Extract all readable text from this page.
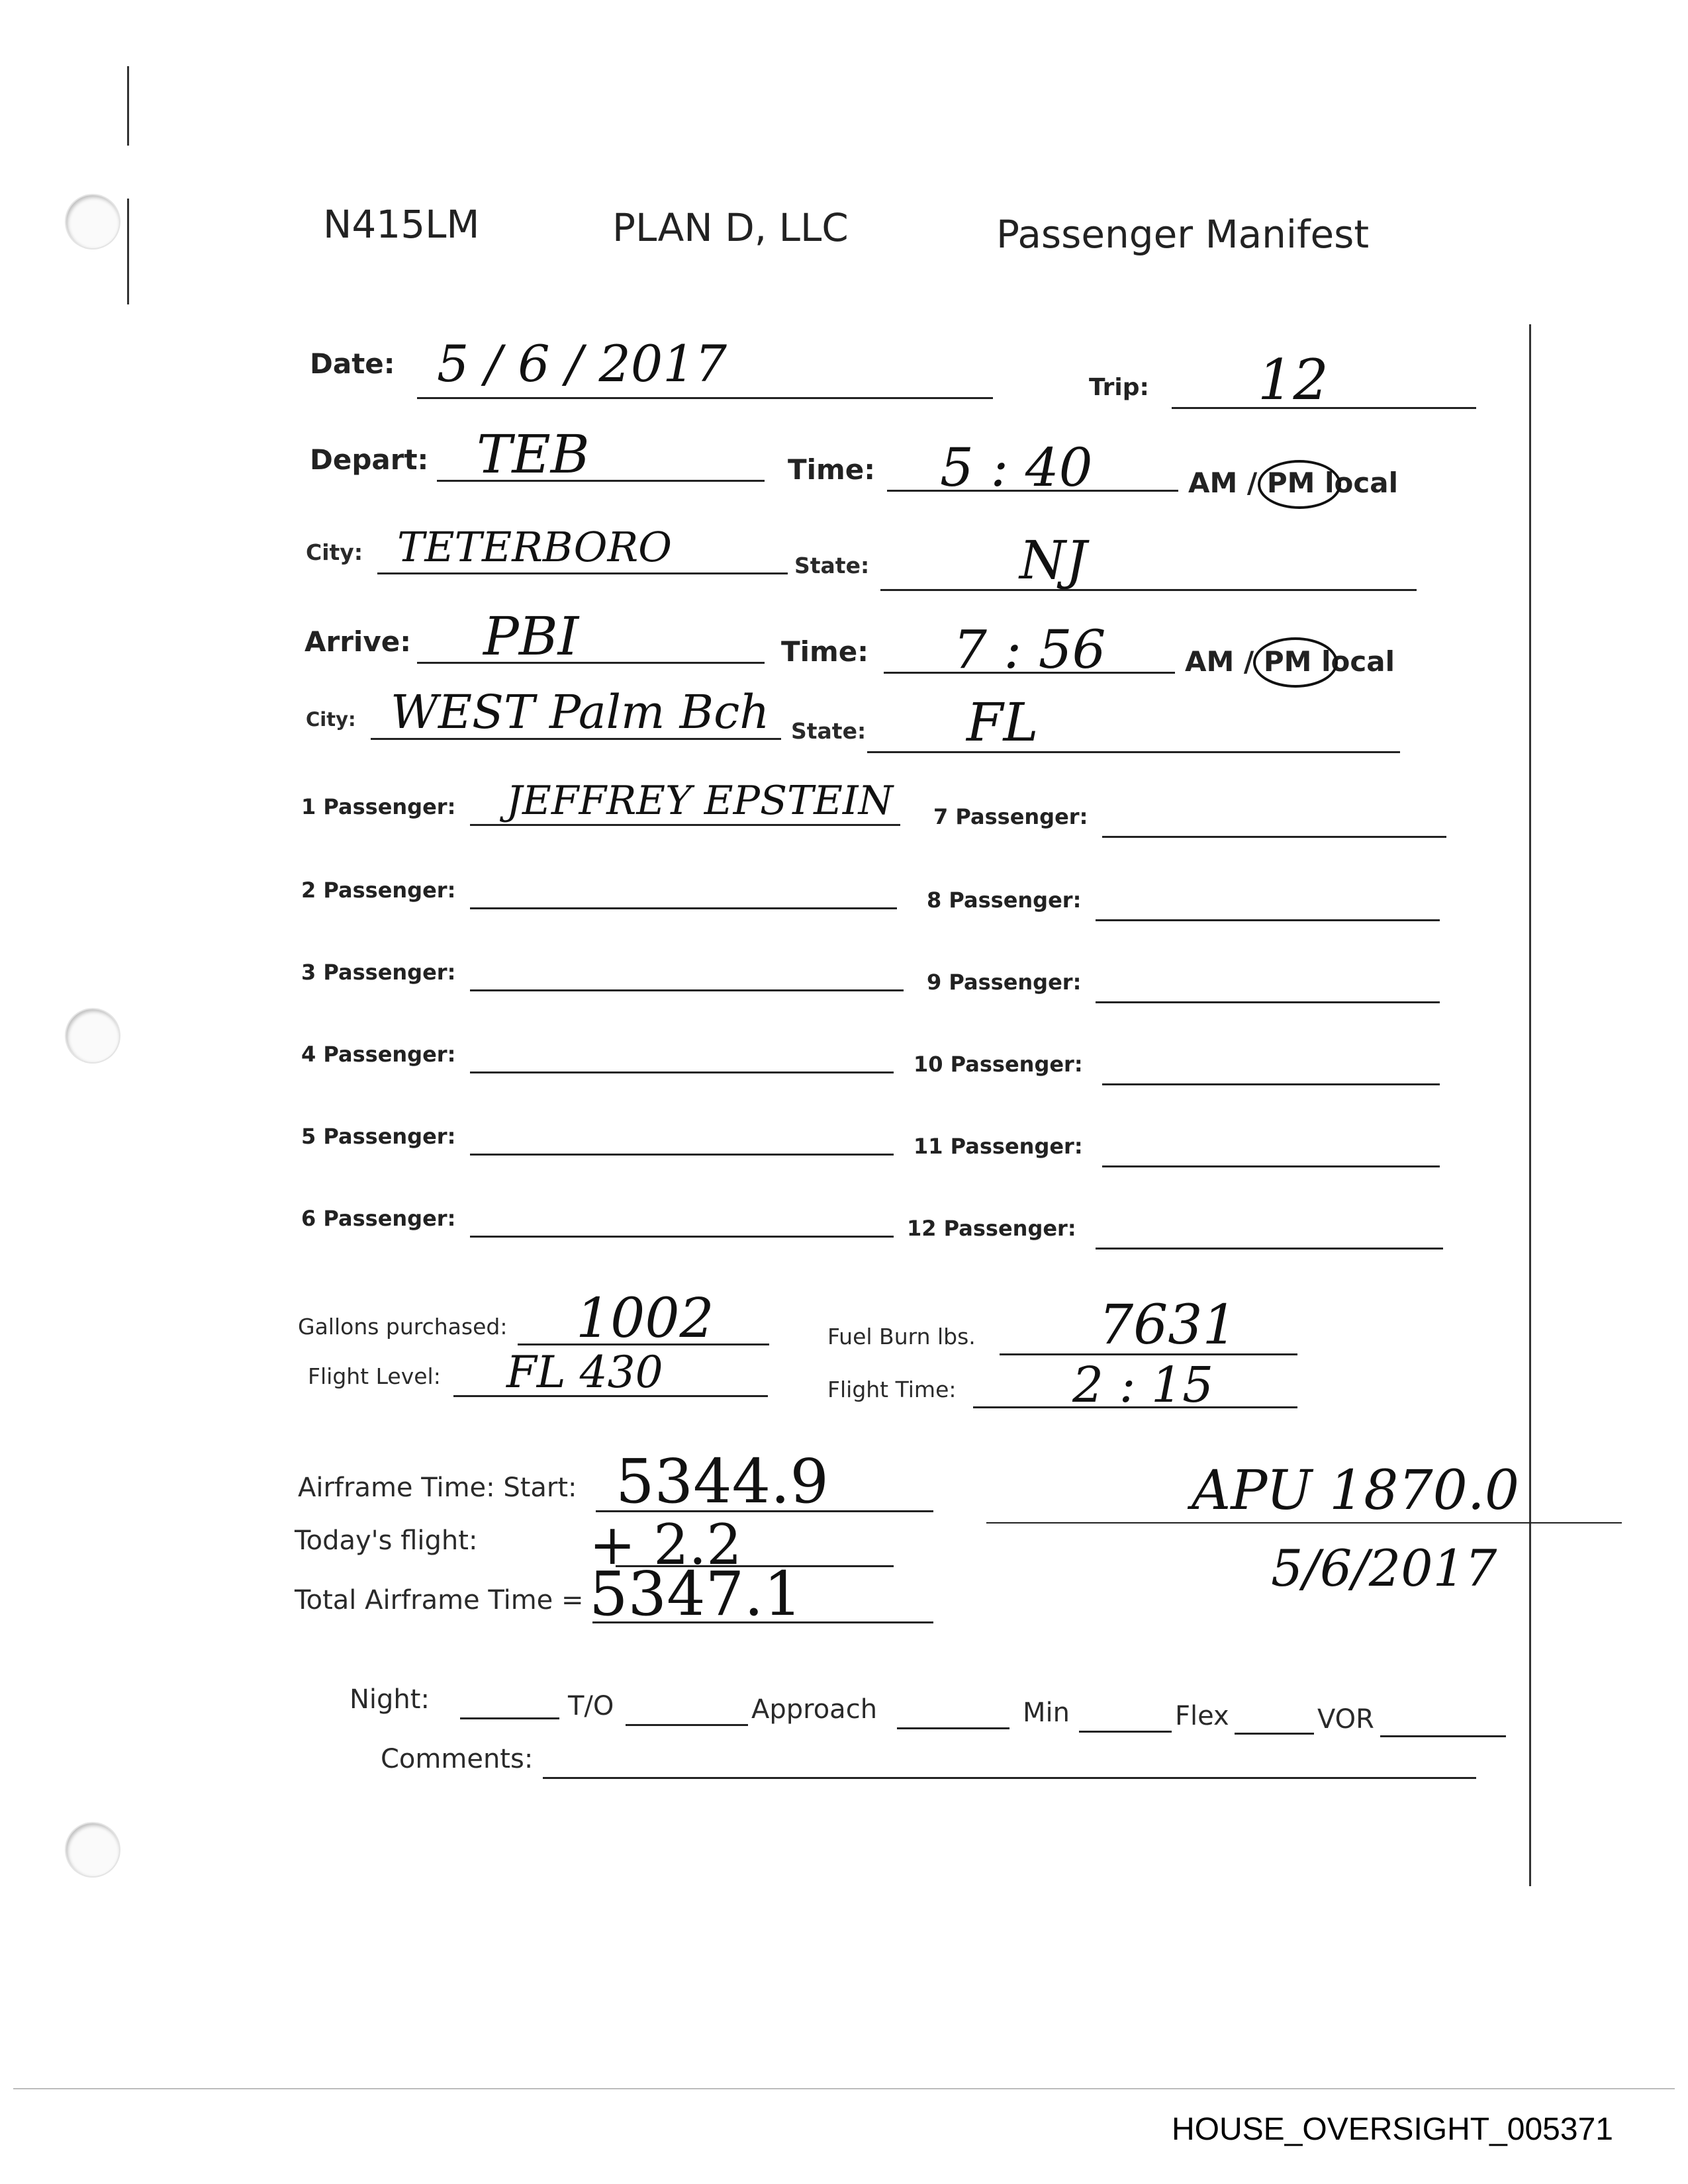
N415LM	PLAN D, LLC	Passenger Manifest
Date: 5 / 6 / 2017	Trip: 12
Depart: TEB	Time: 5 : 40	AM / PM local
City: TETERBORO	State:	NJ
Arrive: PBI	Time: 7 : 56	AM / PM local
City: WEST Palm Bch State: FL
1 Passenger: JEFFREY EPSTEIN
2 Passenger:
3 Passenger:
4 Passenger:
5 Passenger:
6 Passenger:
7 Passenger:
8 Passenger:
9 Passenger:
10 Passenger:
11 Passenger:
12 Passenger:
Gallons purchased: 1002	Fuel Burn lbs. 7631
Flight Level: FL 430	Flight Time: 2 : 15
Airframe Time: Start: 5344.9
Today's flight: + 2.2
Total Airframe Time = 5347.1
APU 1870.0
5/6/2017
Night:	T/O	Approach	Min	Flex	VOR
Comments:
HOUSE_OVERSIGHT_005371
